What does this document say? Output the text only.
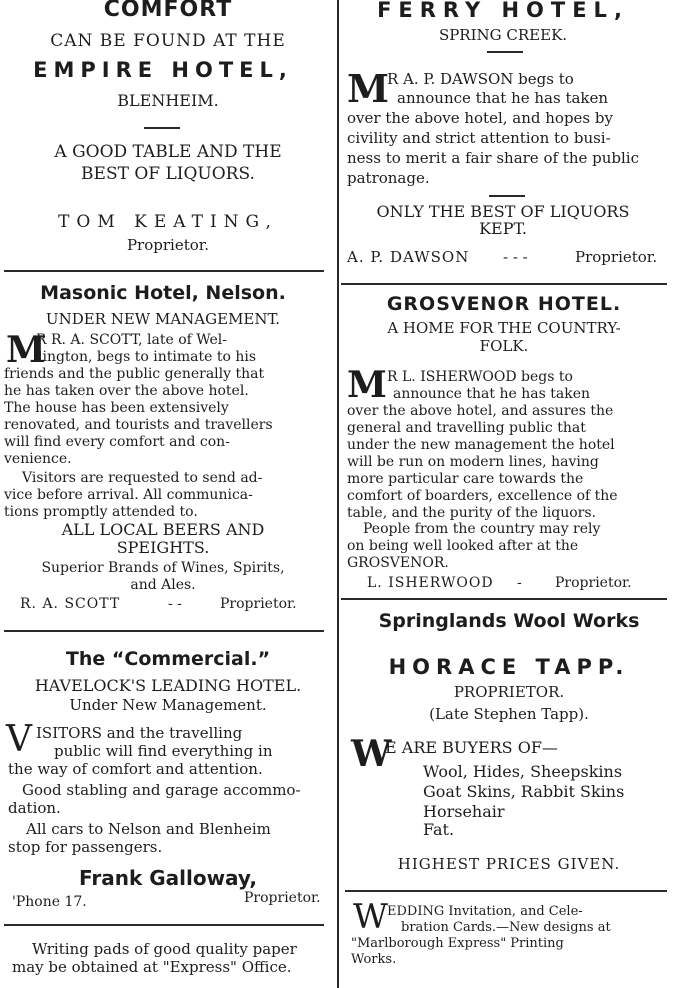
COMFORT
CAN BE FOUND AT THE
EMPIRE HOTEL,
BLENHEIM.
A GOOD TABLE AND THE
BEST OF LIQUORS.
TOM KEATING,
Proprietor.
Masonic Hotel, Nelson.
UNDER NEW MANAGEMENT.
M
R R. A. SCOTT, late of Wel-
lington, begs to intimate to his
friends and the public generally that
he has taken over the above hotel.
The house has been extensively
renovated, and tourists and travellers
will find every comfort and con-
venience.
Visitors are requested to send ad-
vice before arrival. All communica-
tions promptly attended to.
ALL LOCAL BEERS AND
SPEIGHTS.
Superior Brands of Wines, Spirits,
and Ales.
R. A. SCOTT	- -	Proprietor.
The “Commercial.”
HAVELOCK'S LEADING HOTEL.
Under New Management.
V ISITORS and the travelling
public will find everything in
the way of comfort and attention.
Good stabling and garage accommo-
dation.
All cars to Nelson and Blenheim
stop for passengers.
Frank Galloway,
'Phone 17.	Proprietor.
Writing pads of good quality paper
may be obtained at "Express" Office.
FERRY HOTEL,
SPRING CREEK.
M
R A. P. DAWSON begs to
announce that he has taken
over the above hotel, and hopes by
civility and strict attention to busi-
ness to merit a fair share of the public
patronage.
ONLY THE BEST OF LIQUORS
KEPT.
A. P. DAWSON - - -	Proprietor.
GROSVENOR HOTEL.
A HOME FOR THE COUNTRY-
FOLK.
M R L. ISHERWOOD begs to
announce that he has taken
over the above hotel, and assures the
general and travelling public that
under the new management the hotel
will be run on modern lines, having
more particular care towards the
comfort of boarders, excellence of the
table, and the purity of the liquors.
People from the country may rely
on being well looked after at the
GROSVENOR.
L. ISHERWOOD - Proprietor.
Springlands Wool Works
HORACE TAPP.
PROPRIETOR.
(Late Stephen Tapp).
W
E ARE BUYERS OF—
Wool, Hides, Sheepskins
Goat Skins, Rabbit Skins
Horsehair
Fat.
HIGHEST PRICES GIVEN.
W EDDING Invitation, and Cele-
bration Cards.—New designs at
"Marlborough Express" Printing
Works.
